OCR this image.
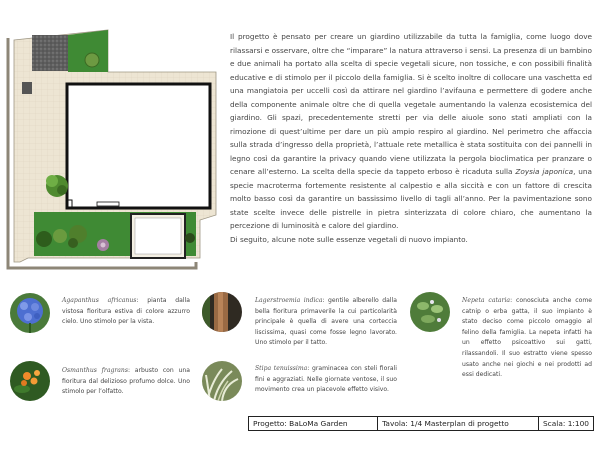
Il progetto è pensato per creare un giardino utilizzabile da tutta la famiglia, come luogo dove rilassarsi e osservare, oltre che “imparare” la natura attraverso i sensi. La presenza di un bambino e due animali ha portato alla scelta di specie vegetali sicure, non tossiche, e con possibili finalità educative e di stimolo per il piccolo della famiglia. Si è scelto inoltre di collocare una vaschetta ed una mangiatoia per uccelli così da attirare nel giardino l’avifauna e permettere di godere anche della componente animale oltre che di quella vegetale aumentando la valenza ecosistemica del giardino. Gli spazi, precedentemente stretti per via delle aiuole sono stati ampliati con la rimozione di quest’ultime per dare un più ampio respiro al giardino. Nel perimetro che affaccia sulla strada d’ingresso della proprietà, l’attuale rete metallica è stata sostituita con dei pannelli in legno così da garantire la privacy quando viene utilizzata la pergola bioclimatica per pranzare o cenare all’esterno. La scelta della specie da tappeto erboso è ricaduta sulla Zoysia japonica, una specie macroterma fortemente resistente al calpestio e alla siccità e con un fattore di crescita molto basso così da garantire un bassissimo livello di tagli all’anno. Per la pavimentazione sono state scelte invece delle pistrelle in pietra sinterizzata di colore chiaro, che aumentano la percezione di luminosità e calore del giardino.

Di seguito, alcune note sulle essenze vegetali di nuovo impianto.

Agapanthus africanus: pianta dalla vistosa fioritura estiva di colore azzurro cielo. Uno stimolo per la vista.
Lagerstroemia indica: gentile alberello dalla bella fioritura primaverile la cui particolarità principale è quella di avere una corteccia liscissima, quasi come fosse legno lavorato. Uno stimolo per il tatto.
Nepeta cataria: conosciuta anche come catnip o erba gatta, il suo impianto è stato deciso come piccolo omaggio al felino della famiglia. La nepeta infatti ha un effetto psicoattivo sui gatti, rilassandoli. Il suo estratto viene spesso usato anche nei giochi e nei prodotti ad essi dedicati.
Osmanthus fragrans: arbusto con una fioritura dal delizioso profumo dolce. Uno stimolo per l’olfatto.
Stipa tenuissima: graminacea con steli fiorali fini e aggraziati. Nelle giornate ventose, il suo movimento crea un piacevole effetto visivo.
Progetto: BaLoMa Garden	Tavola: 1/4 Masterplan di progetto	Scala: 1:100
